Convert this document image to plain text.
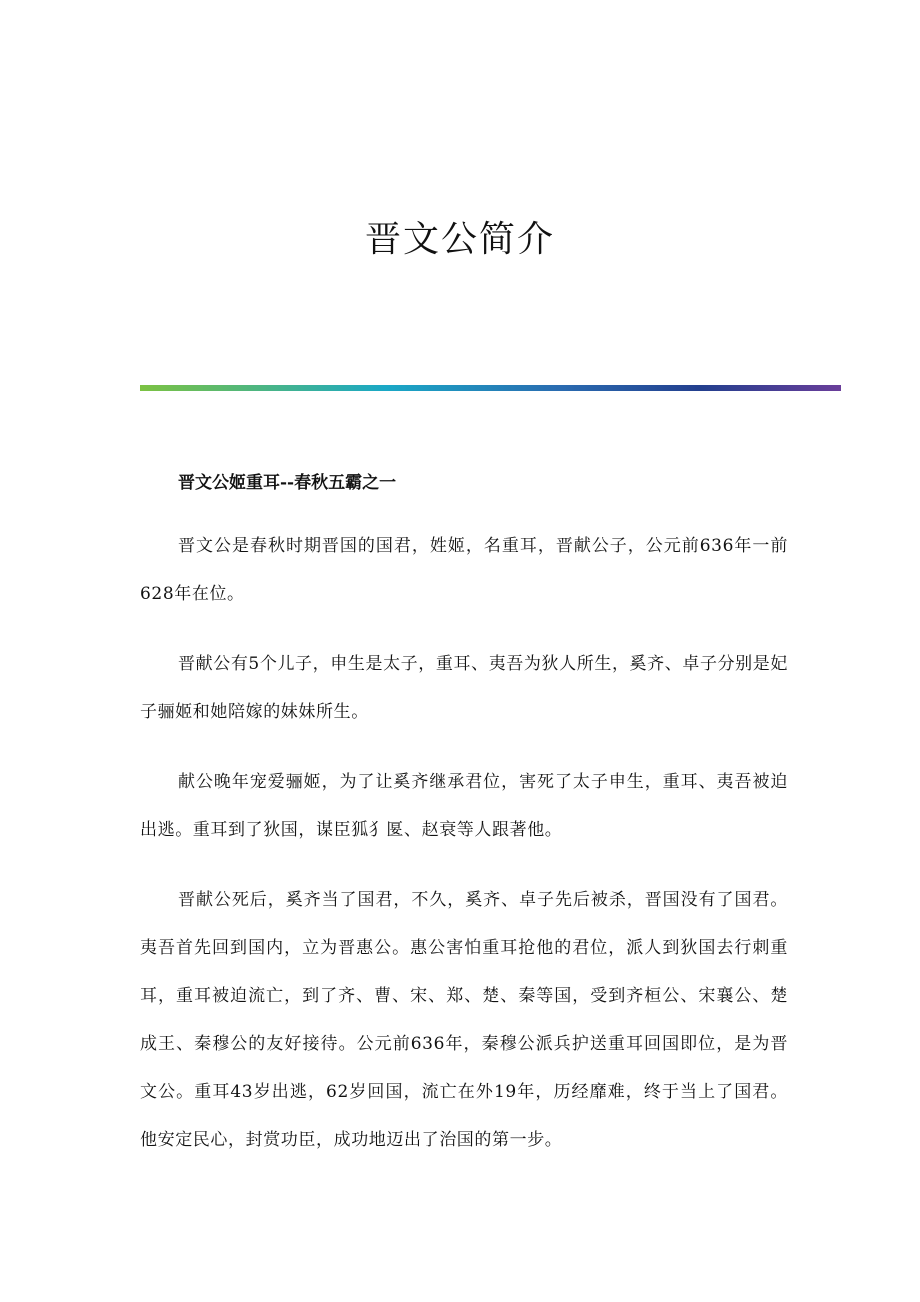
晋文公简介

晋文公姬重耳--春秋五霸之一

晋文公是春秋时期晋国的国君，姓姬，名重耳，晋献公子，公元前636年一前628年在位。

晋献公有5个儿子，申生是太子，重耳、夷吾为狄人所生，奚齐、卓子分别是妃子骊姬和她陪嫁的妹妹所生。

献公晚年宠爱骊姬，为了让奚齐继承君位，害死了太子申生，重耳、夷吾被迫出逃。重耳到了狄国，谋臣狐犭匽、赵衰等人跟著他。

晋献公死后，奚齐当了国君，不久，奚齐、卓子先后被杀，晋国没有了国君。夷吾首先回到国内，立为晋惠公。惠公害怕重耳抢他的君位，派人到狄国去行刺重耳，重耳被迫流亡，到了齐、曹、宋、郑、楚、秦等国，受到齐桓公、宋襄公、楚成王、秦穆公的友好接待。公元前636年，秦穆公派兵护送重耳回国即位，是为晋文公。重耳43岁出逃，62岁回国，流亡在外19年，历经靡难，终于当上了国君。他安定民心，封赏功臣，成功地迈出了治国的第一步。
